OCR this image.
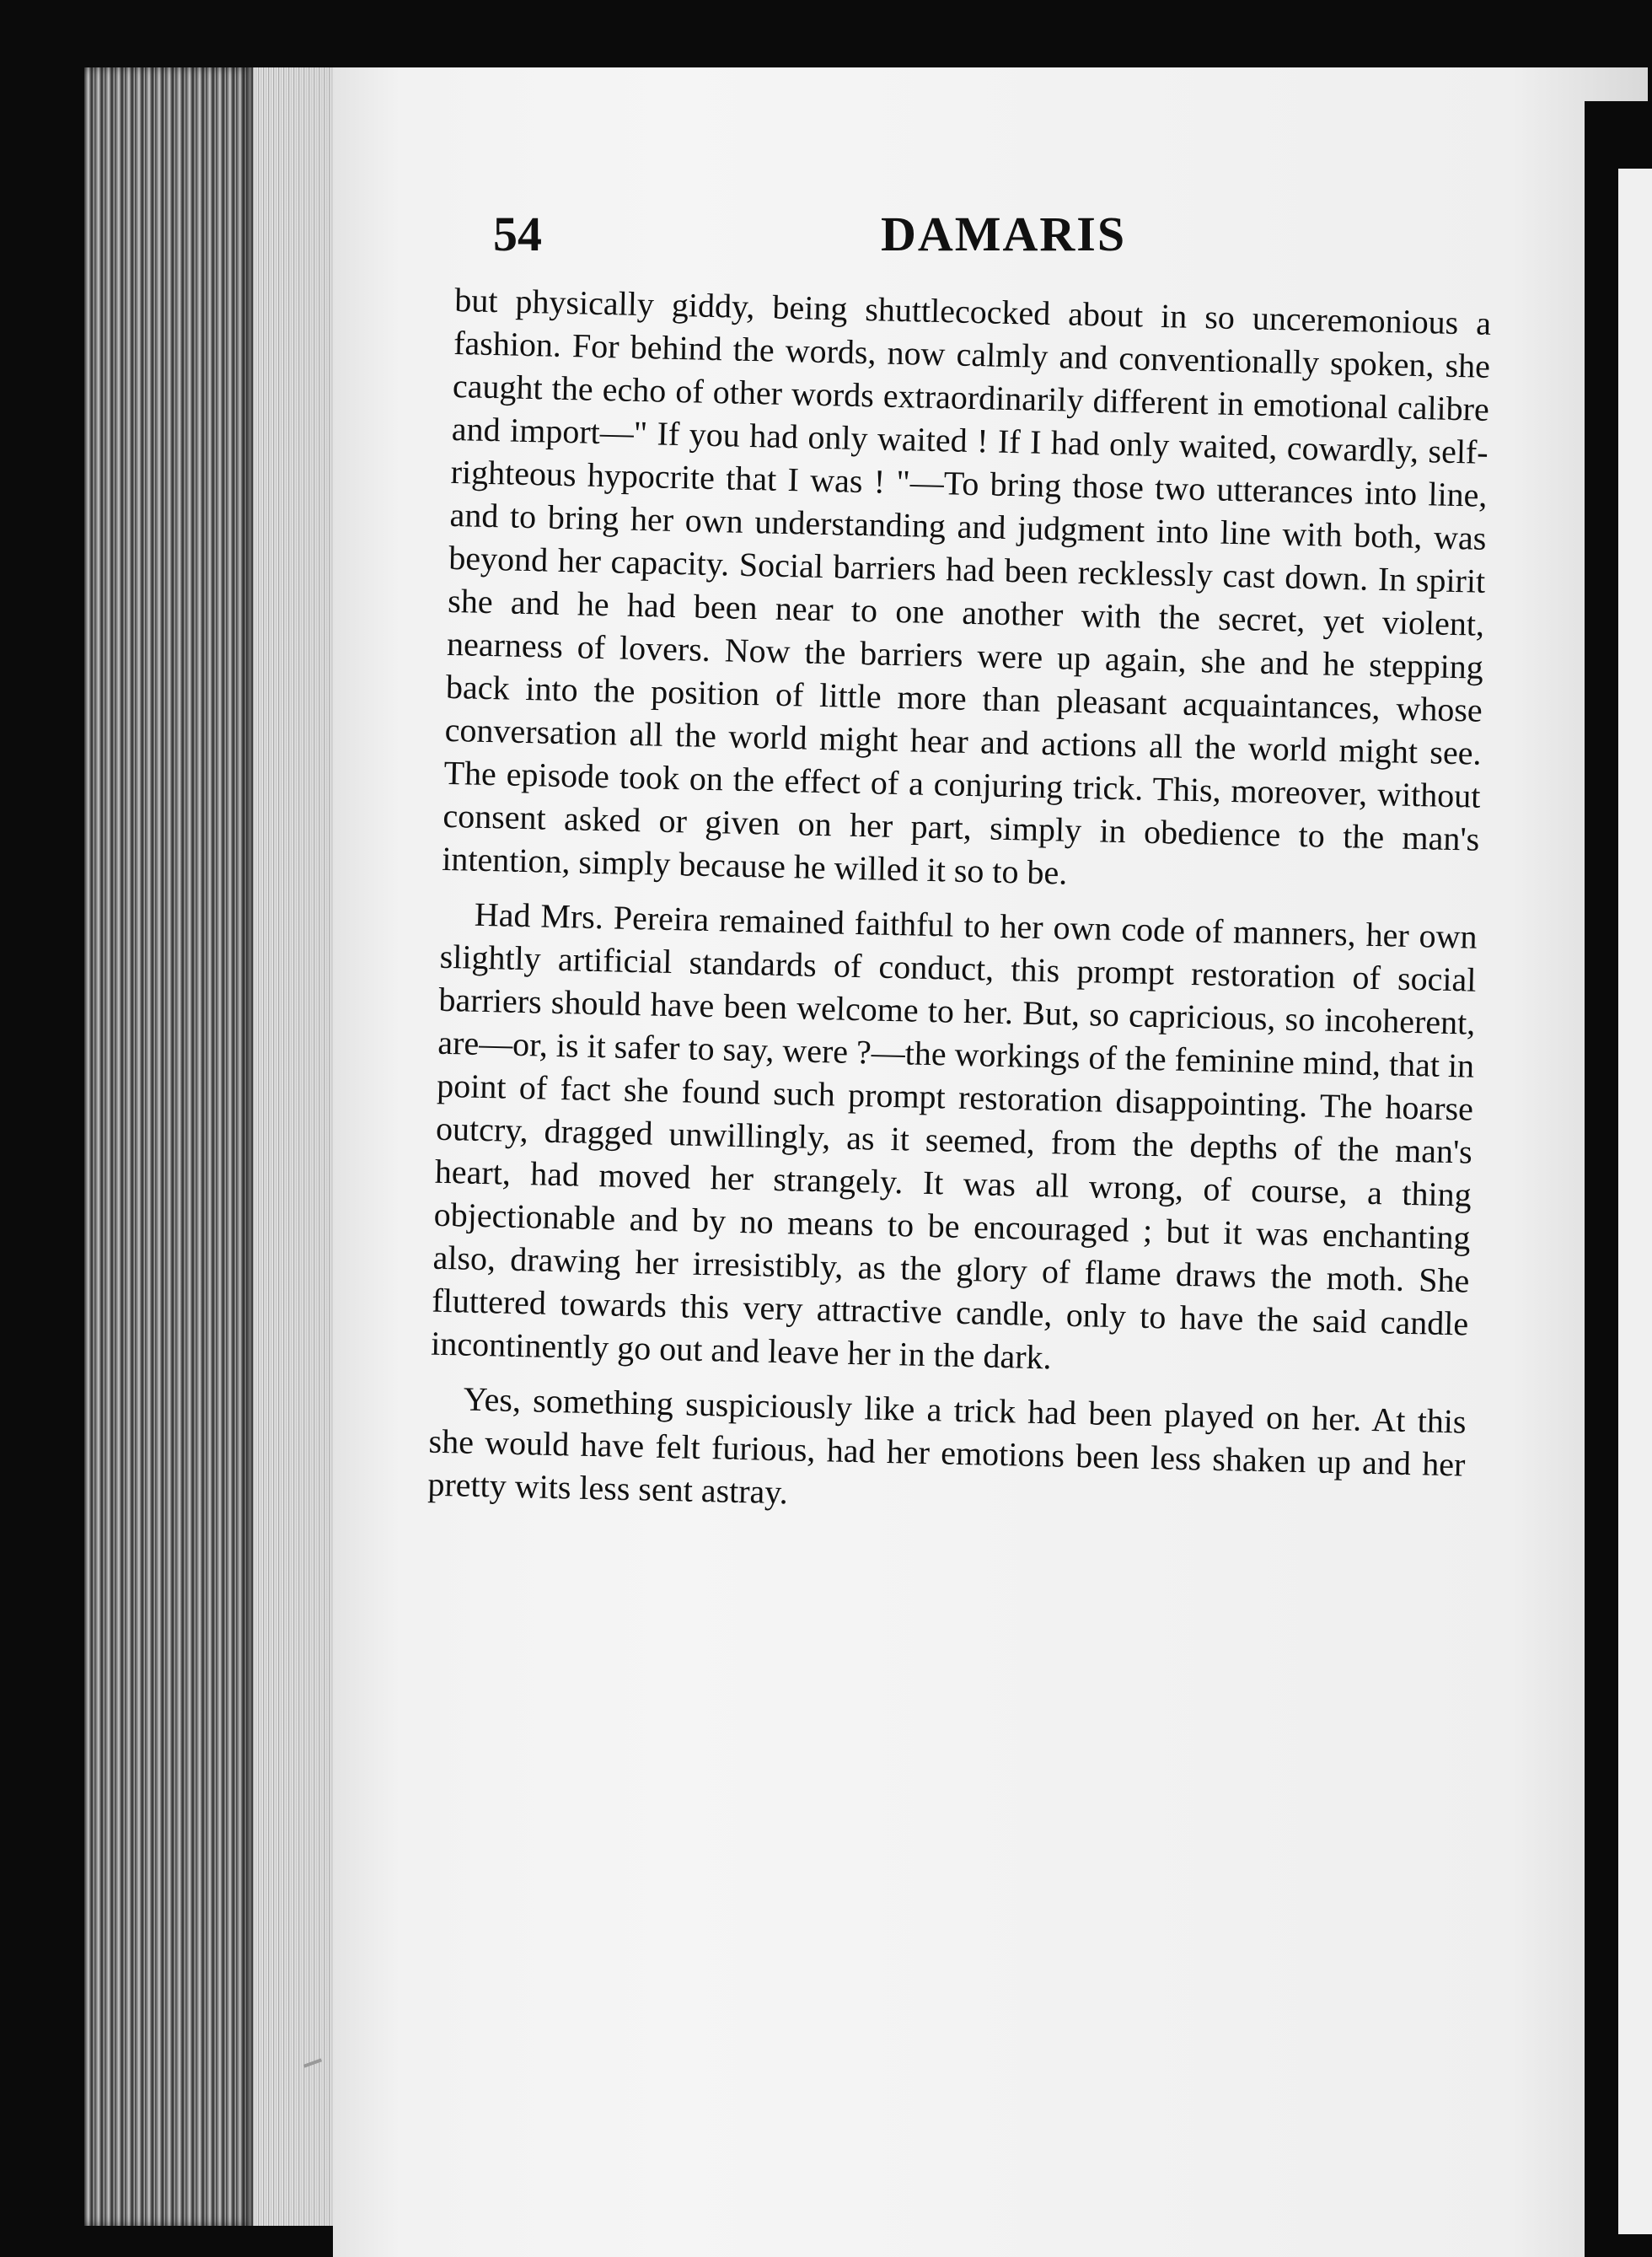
54	DAMARIS

but physically giddy, being shuttlecocked about in so unceremonious a fashion. For behind the words, now calmly and conventionally spoken, she caught the echo of other words extraordinarily different in emotional calibre and import—" If you had only waited ! If I had only waited, cowardly, self-righteous hypocrite that I was ! "—To bring those two utterances into line, and to bring her own understanding and judgment into line with both, was beyond her capacity. Social barriers had been recklessly cast down. In spirit she and he had been near to one another with the secret, yet violent, nearness of lovers. Now the barriers were up again, she and he stepping back into the position of little more than pleasant acquaintances, whose conversation all the world might hear and actions all the world might see. The episode took on the effect of a conjuring trick. This, moreover, without consent asked or given on her part, simply in obedience to the man's intention, simply because he willed it so to be.

Had Mrs. Pereira remained faithful to her own code of manners, her own slightly artificial standards of conduct, this prompt restoration of social barriers should have been welcome to her. But, so capricious, so incoherent, are—or, is it safer to say, were ?—the workings of the feminine mind, that in point of fact she found such prompt restoration disappointing. The hoarse outcry, dragged unwillingly, as it seemed, from the depths of the man's heart, had moved her strangely. It was all wrong, of course, a thing objectionable and by no means to be encouraged ; but it was enchanting also, drawing her irresistibly, as the glory of flame draws the moth. She fluttered towards this very attractive candle, only to have the said candle incontinently go out and leave her in the dark.

Yes, something suspiciously like a trick had been played on her. At this she would have felt furious, had her emotions been less shaken up and her pretty wits less sent astray.
